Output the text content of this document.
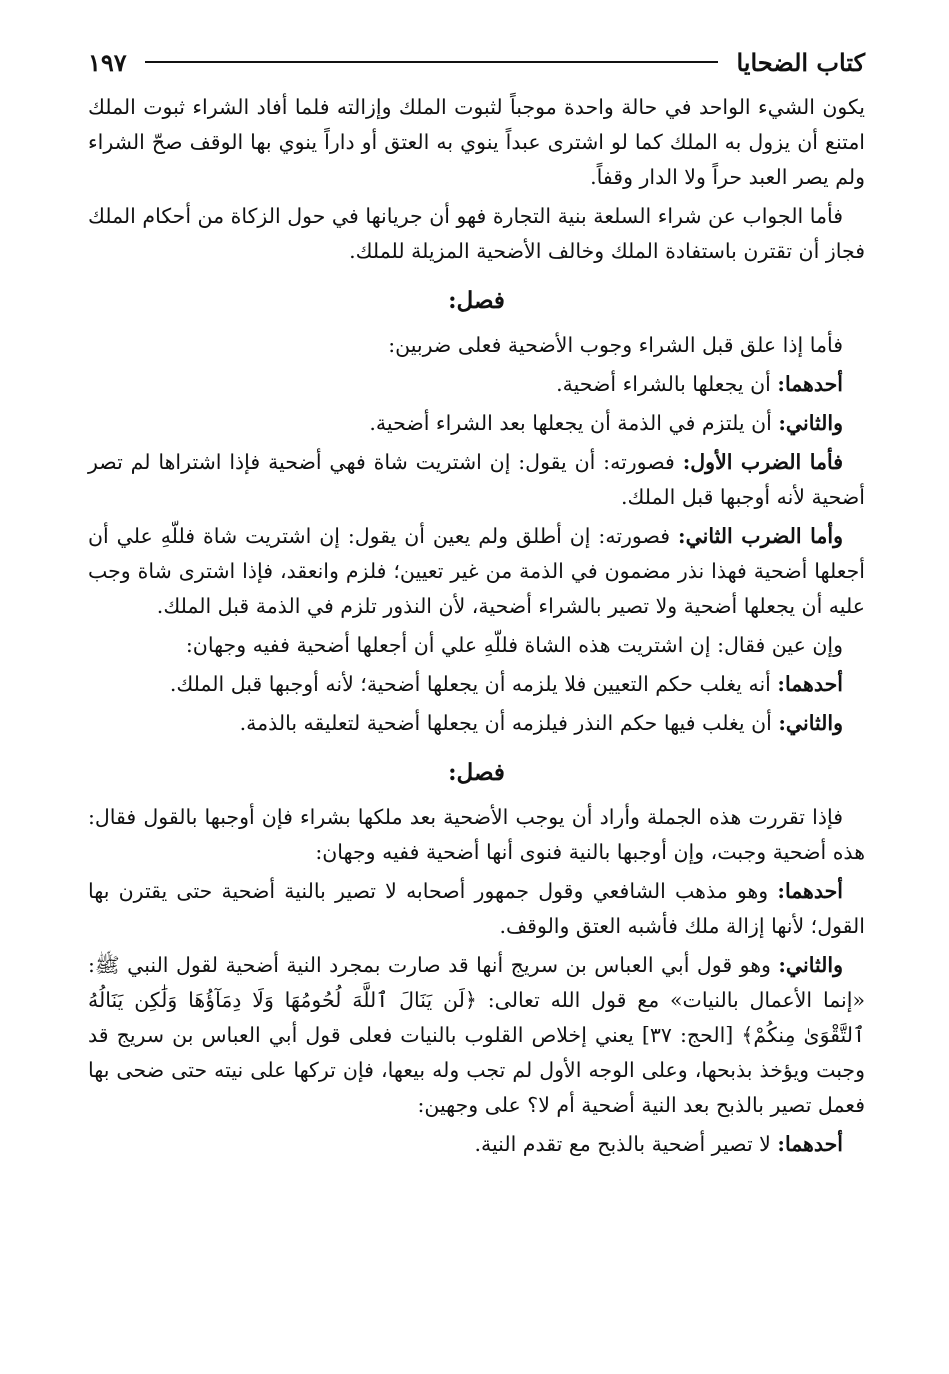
كتاب الضحايا
١٩٧
يكون الشيء الواحد في حالة واحدة موجباً لثبوت الملك وإزالته فلما أفاد الشراء ثبوت الملك امتنع أن يزول به الملك كما لو اشترى عبداً ينوي به العتق أو داراً ينوي بها الوقف صحّ الشراء ولم يصر العبد حراً ولا الدار وقفاً.
فأما الجواب عن شراء السلعة بنية التجارة فهو أن جريانها في حول الزكاة من أحكام الملك فجاز أن تقترن باستفادة الملك وخالف الأضحية المزيلة للملك.
فصل:
فأما إذا علق قبل الشراء وجوب الأضحية فعلى ضربين:
أحدهما: أن يجعلها بالشراء أضحية.
والثاني: أن يلتزم في الذمة أن يجعلها بعد الشراء أضحية.
فأما الضرب الأول: فصورته: أن يقول: إن اشتريت شاة فهي أضحية فإذا اشتراها لم تصر أضحية لأنه أوجبها قبل الملك.
وأما الضرب الثاني: فصورته: إن أطلق ولم يعين أن يقول: إن اشتريت شاة فللّهِ علي أن أجعلها أضحية فهذا نذر مضمون في الذمة من غير تعيين؛ فلزم وانعقد، فإذا اشترى شاة وجب عليه أن يجعلها أضحية ولا تصير بالشراء أضحية، لأن النذور تلزم في الذمة قبل الملك.
وإن عين فقال: إن اشتريت هذه الشاة فللّهِ علي أن أجعلها أضحية ففيه وجهان:
أحدهما: أنه يغلب حكم التعيين فلا يلزمه أن يجعلها أضحية؛ لأنه أوجبها قبل الملك.
والثاني: أن يغلب فيها حكم النذر فيلزمه أن يجعلها أضحية لتعليقه بالذمة.
فصل:
فإذا تقررت هذه الجملة وأراد أن يوجب الأضحية بعد ملكها بشراء فإن أوجبها بالقول فقال: هذه أضحية وجبت، وإن أوجبها بالنية فنوى أنها أضحية ففيه وجهان:
أحدهما: وهو مذهب الشافعي وقول جمهور أصحابه لا تصير بالنية أضحية حتى يقترن بها القول؛ لأنها إزالة ملك فأشبه العتق والوقف.
والثاني: وهو قول أبي العباس بن سريج أنها قد صارت بمجرد النية أضحية لقول النبي ﷺ: «إنما الأعمال بالنيات» مع قول الله تعالى: ﴿لَن يَنَالَ ٱللَّهَ لُحُومُهَا وَلَا دِمَآؤُهَا وَلَٰكِن يَنَالُهُ ٱلتَّقْوَىٰ مِنكُمْ﴾ [الحج: ٣٧] يعني إخلاص القلوب بالنيات فعلى قول أبي العباس بن سريج قد وجبت ويؤخذ بذبحها، وعلى الوجه الأول لم تجب وله بيعها، فإن تركها على نيته حتى ضحى بها فعمل تصير بالذبح بعد النية أضحية أم لا؟ على وجهين:
أحدهما: لا تصير أضحية بالذبح مع تقدم النية.
